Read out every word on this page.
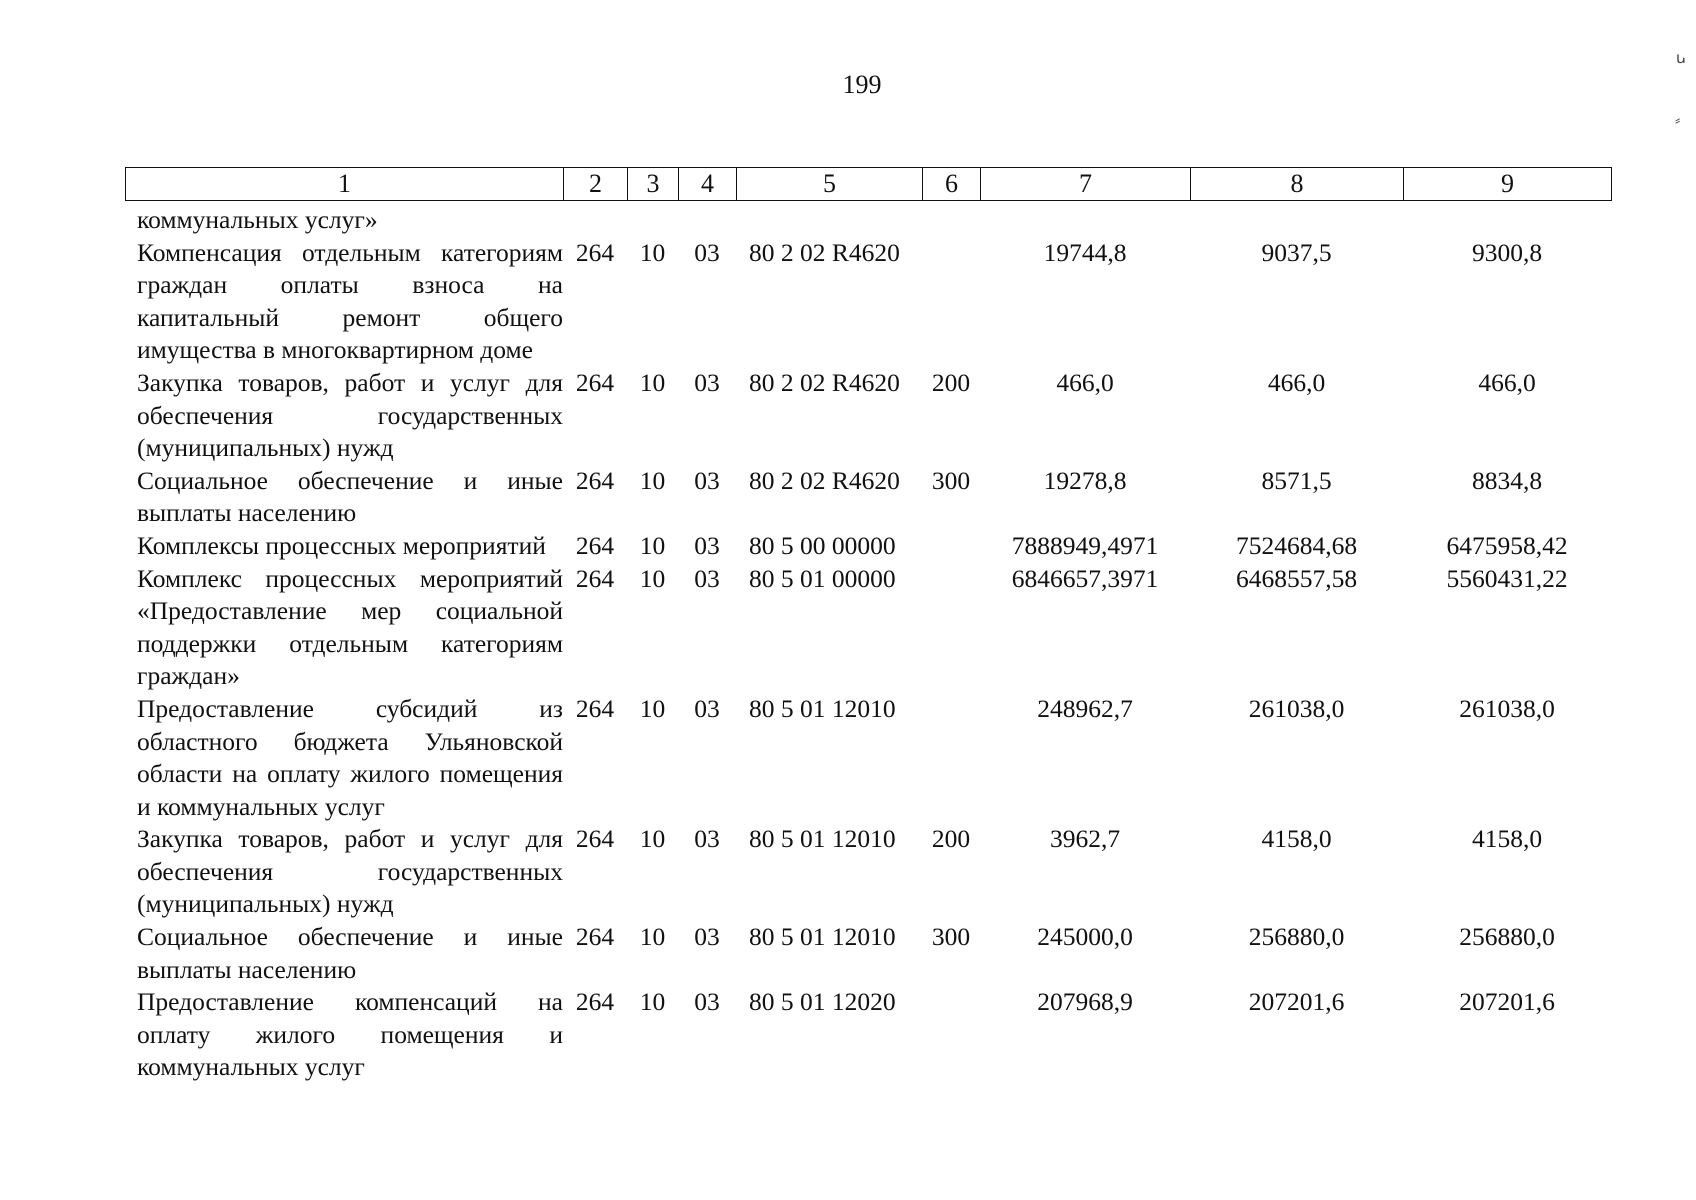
199
ꭎ
⸗
1	2	3	4	5	6	7	8	9
коммунальных услуг»								
Компенсация отдельным категориям граждан оплаты взноса на капитальный ремонт общего имущества в многоквартирном доме	264	10	03	80 2 02 R4620		19744,8	9037,5	9300,8
Закупка товаров, работ и услуг для обеспечения государственных (муниципальных) нужд	264	10	03	80 2 02 R4620	200	466,0	466,0	466,0
Социальное обеспечение и иные выплаты населению	264	10	03	80 2 02 R4620	300	19278,8	8571,5	8834,8
Комплексы процессных мероприятий	264	10	03	80 5 00 00000		7888949,4971	7524684,68	6475958,42
Комплекс процессных мероприятий «Предоставление мер социальной поддержки отдельным категориям граждан»	264	10	03	80 5 01 00000		6846657,3971	6468557,58	5560431,22
Предоставление субсидий из областного бюджета Ульяновской области на оплату жилого помещения и коммунальных услуг	264	10	03	80 5 01 12010		248962,7	261038,0	261038,0
Закупка товаров, работ и услуг для обеспечения государственных (муниципальных) нужд	264	10	03	80 5 01 12010	200	3962,7	4158,0	4158,0
Социальное обеспечение и иные выплаты населению	264	10	03	80 5 01 12010	300	245000,0	256880,0	256880,0
Предоставление компенсаций на оплату жилого помещения и коммунальных услуг	264	10	03	80 5 01 12020		207968,9	207201,6	207201,6
